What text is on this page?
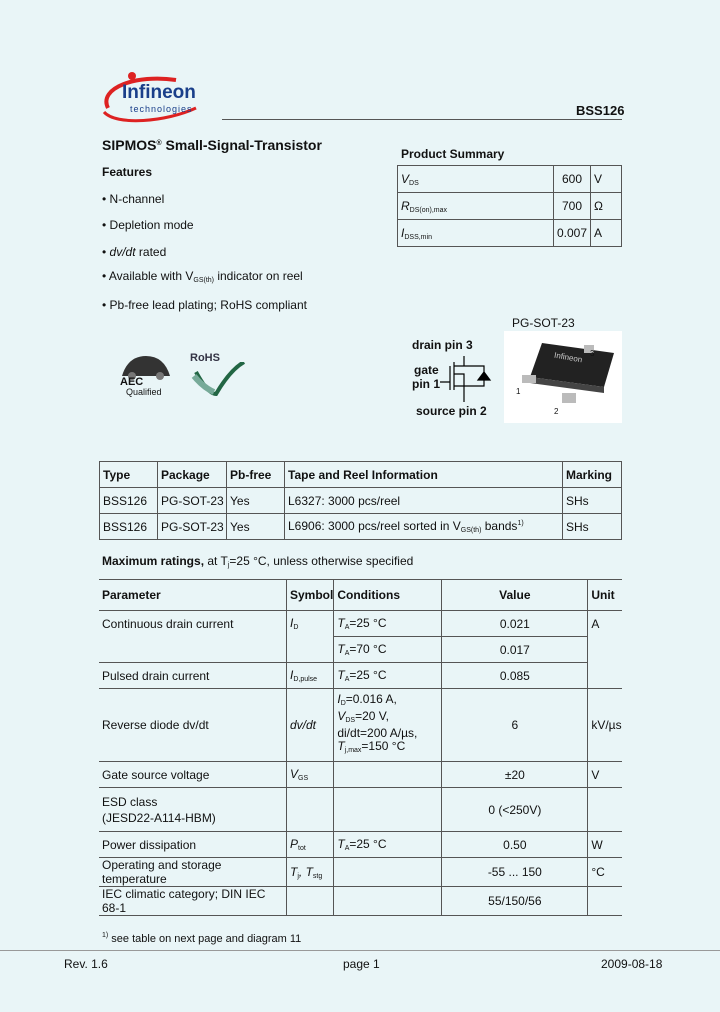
Infineon
technologies	BSS126
SIPMOS® Small-Signal-Transistor
Features
• N-channel
• Depletion mode
• dv/dt rated
• Available with $V_{GS(th)}$ indicator on reel
• Pb-free lead plating; RoHS compliant
Product Summary
$V_{DS}$	600	V
$R_{DS(on),max}$	700	Ω
$I_{DSS,min}$	0.007	A
AEC
Qualified
RoHS
drain pin 3
gate
pin 1
source pin 2
PG-SOT-23
Infineon
1
2
3
Type	Package	Pb-free	Tape and Reel Information	Marking
BSS126	PG-SOT-23	Yes	L6327: 3000 pcs/reel	SHs
BSS126	PG-SOT-23	Yes	L6906: 3000 pcs/reel sorted in $V_{GS(th)}$ bands$^{1)}$	SHs
Maximum ratings, at $T_j=25$ °C, unless otherwise specified
Parameter	Symbol	Conditions	Value	Unit
Continuous drain current	$I_D$	$T_A=25$ °C	0.021	A
		$T_A=70$ °C	0.017	
Pulsed drain current	$I_{D,pulse}$	$T_A=25$ °C	0.085	
Reverse diode dv/dt	dv/dt	$I_D=0.016$ A,
$V_{DS}=20$ V,
di/dt=200 A/µs,
$T_{j,max}=150$ °C	6	kV/µs
Gate source voltage	$V_{GS}$		±20	V

ESD class
(JESD22-A114-HBM)			0 (<250V)	
Power dissipation	$P_{tot}$	$T_A=25$ °C	0.50	W
Operating and storage temperature	$T_j$, $T_{stg}$		-55 ... 150	°C
IEC climatic category; DIN IEC 68-1			55/150/56	
$^{1)}$ see table on next page and diagram 11
Rev. 1.6	page 1	2009-08-18
